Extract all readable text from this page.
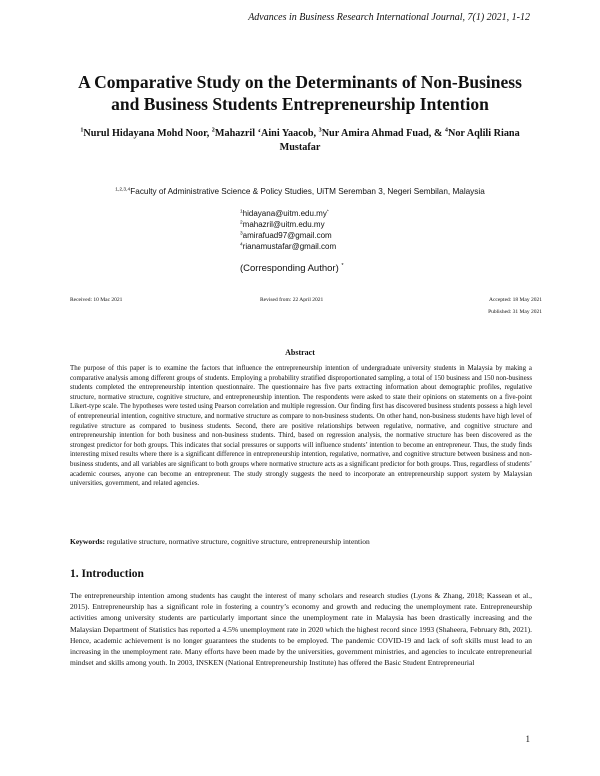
Advances in Business Research International Journal, 7(1) 2021, 1-12
A Comparative Study on the Determinants of Non-Business
and Business Students Entrepreneurship Intention
$^1$Nurul Hidayana Mohd Noor, $^2$Mahazril ‘Aini Yaacob, $^3$Nur Amira Ahmad Fuad, & $^4$Nor Aqlili Riana Mustafar
$^{1,2,3,4}$Faculty of Administrative Science & Policy Studies, UiTM Seremban 3, Negeri Sembilan, Malaysia
$^1$hidayana@uitm.edu.my*
$^2$mahazril@uitm.edu.my
$^3$amirafuad97@gmail.com
$^4$rianamustafar@gmail.com
(Corresponding Author) *
Received: 10 Mac 2021	Revised from: 22 April 2021	Accepted: 18 May 2021
Published: 31 May 2021
Abstract
The purpose of this paper is to examine the factors that influence the entrepreneurship intention of undergraduate university students in Malaysia by making a comparative analysis among different groups of students. Employing a probability stratified disproportionated sampling, a total of 150 business and 150 non-business students completed the entrepreneurship intention questionnaire. The questionnaire has five parts extracting information about demographic profiles, regulative structure, normative structure, cognitive structure, and entrepreneurship intention. The respondents were asked to state their opinions on statements on a five-point Likert-type scale. The hypotheses were tested using Pearson correlation and multiple regression. Our finding first has discovered business students possess a high level of entrepreneurial intention, cognitive structure, and normative structure as compare to non-business students. On other hand, non-business students have high level of regulative structure as compared to business students. Second, there are positive relationships between regulative, normative, and cognitive structure and entrepreneurship intention for both business and non-business students. Third, based on regression analysis, the normative structure has been discovered as the strongest predictor for both groups. This indicates that social pressures or supports will influence students’ intention to become an entrepreneur. Thus, the study finds interesting mixed results where there is a significant difference in entrepreneurship intention, regulative, normative, and cognitive structure between business and non-business students, and all variables are significant to both groups where normative structure acts as a significant predictor for both groups. Thus, regardless of students’ academic courses, anyone can become an entrepreneur. The study strongly suggests the need to incorporate an entrepreneurship support system by Malaysian universities, government, and related agencies.
Keywords: regulative structure, normative structure, cognitive structure, entrepreneurship intention
1. Introduction
The entrepreneurship intention among students has caught the interest of many scholars and research studies (Lyons & Zhang, 2018; Kassean et al., 2015). Entrepreneurship has a significant role in fostering a country’s economy and growth and reducing the unemployment rate. Entrepreneurship activities among university students are particularly important since the unemployment rate in Malaysia has been drastically increasing and the Malaysian Department of Statistics has reported a 4.5% unemployment rate in 2020 which the highest record since 1993 (Shaheera, February 8th, 2021). Hence, academic achievement is no longer guarantees the students to be employed. The pandemic COVID-19 and lack of soft skills must lead to an increasing in the unemployment rate. Many efforts have been made by the universities, government ministries, and agencies to inculcate entrepreneurial mindset and skills among youth. In 2003, INSKEN (National Entrepreneurship Institute) has offered the Basic Student Entrepreneurial
1
